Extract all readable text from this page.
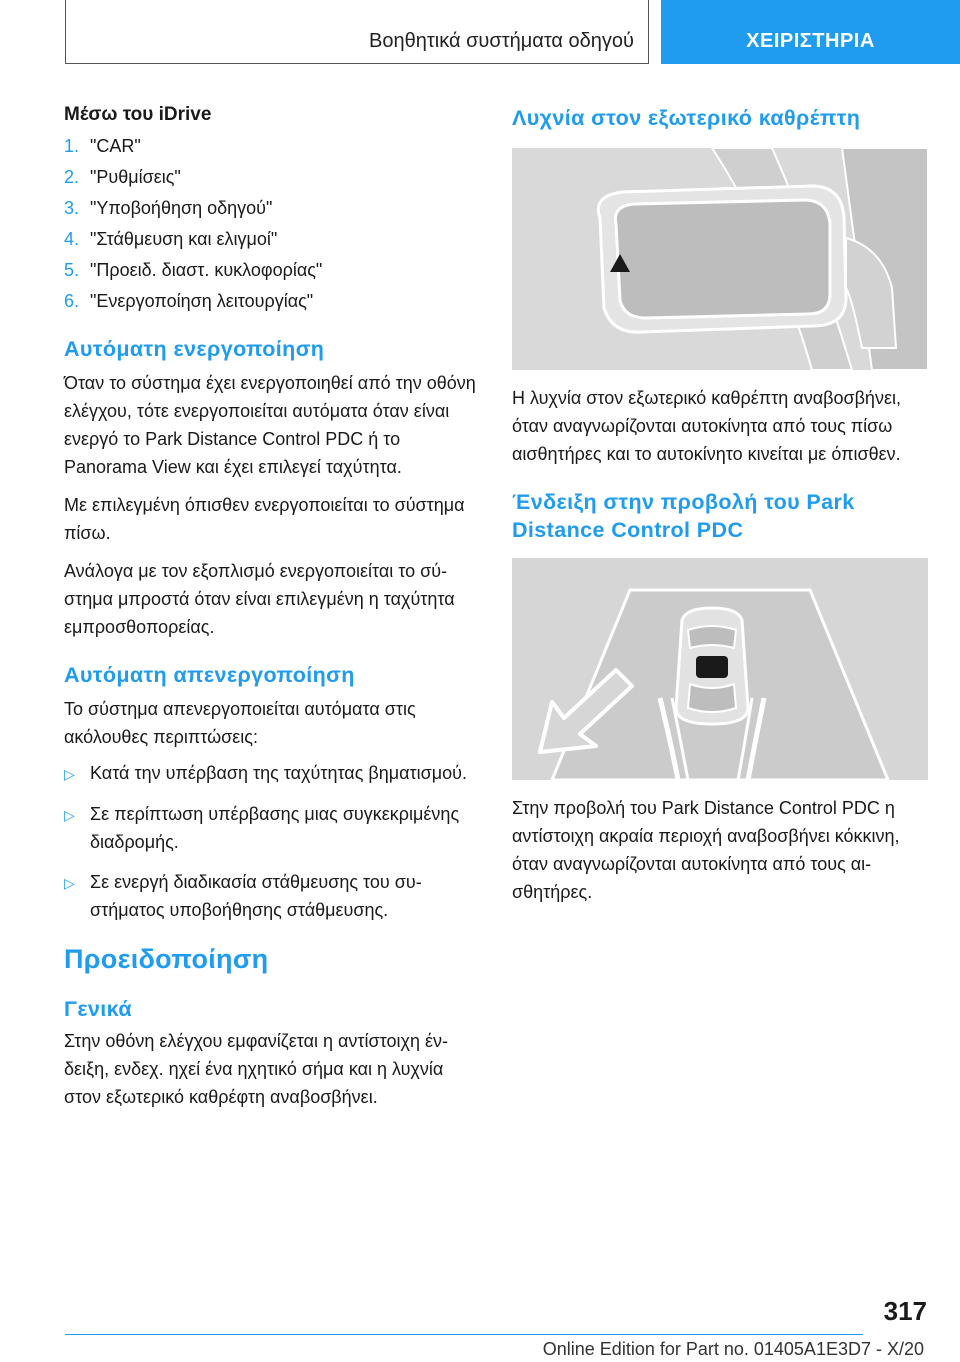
Βοηθητικά συστήματα οδηγού	ΧΕΙΡΙΣΤΗΡΙΑ
Μέσω του iDrive
1. "CAR"
2. "Ρυθμίσεις"
3. "Υποβοήθηση οδηγού"
4. "Στάθμευση και ελιγμοί"
5. "Προειδ. διαστ. κυκλοφορίας"
6. "Ενεργοποίηση λειτουργίας"
Αυτόματη ενεργοποίηση

Όταν το σύστημα έχει ενεργοποιηθεί από την οθόνη ελέγχου, τότε ενεργοποιείται αυτόματα όταν είναι ενεργό το Park Distance Control PDC ή το Panorama View και έχει επιλεγεί ταχύτητα.

Με επιλεγμένη όπισθεν ενεργοποιείται το σύστημα πίσω.

Ανάλογα με τον εξοπλισμό ενεργοποιείται το σύστημα μπροστά όταν είναι επιλεγμένη η ταχύτητα εμπροσθοπορείας.

Αυτόματη απενεργοποίηση

Το σύστημα απενεργοποιείται αυτόματα στις ακόλουθες περιπτώσεις:

▷ Κατά την υπέρβαση της ταχύτητας βηματισμού.
▷ Σε περίπτωση υπέρβασης μιας συγκεκριμένης διαδρομής.
▷ Σε ενεργή διαδικασία στάθμευσης του συστήματος υποβοήθησης στάθμευσης.
Προειδοποίηση
Γενικά

Στην οθόνη ελέγχου εμφανίζεται η αντίστοιχη ένδειξη, ενδεχ. ηχεί ένα ηχητικό σήμα και η λυχνία στον εξωτερικό καθρέφτη αναβοσβήνει.

Λυχνία στον εξωτερικό καθρέπτη

Η λυχνία στον εξωτερικό καθρέπτη αναβοσβήνει, όταν αναγνωρίζονται αυτοκίνητα από τους πίσω αισθητήρες και το αυτοκίνητο κινείται με όπισθεν.

Ένδειξη στην προβολή του Park Distance Control PDC

Στην προβολή του Park Distance Control PDC η αντίστοιχη ακραία περιοχή αναβοσβήνει κόκκινη, όταν αναγνωρίζονται αυτοκίνητα από τους αισθητήρες.

317
Online Edition for Part no. 01405A1E3D7 - X/20
